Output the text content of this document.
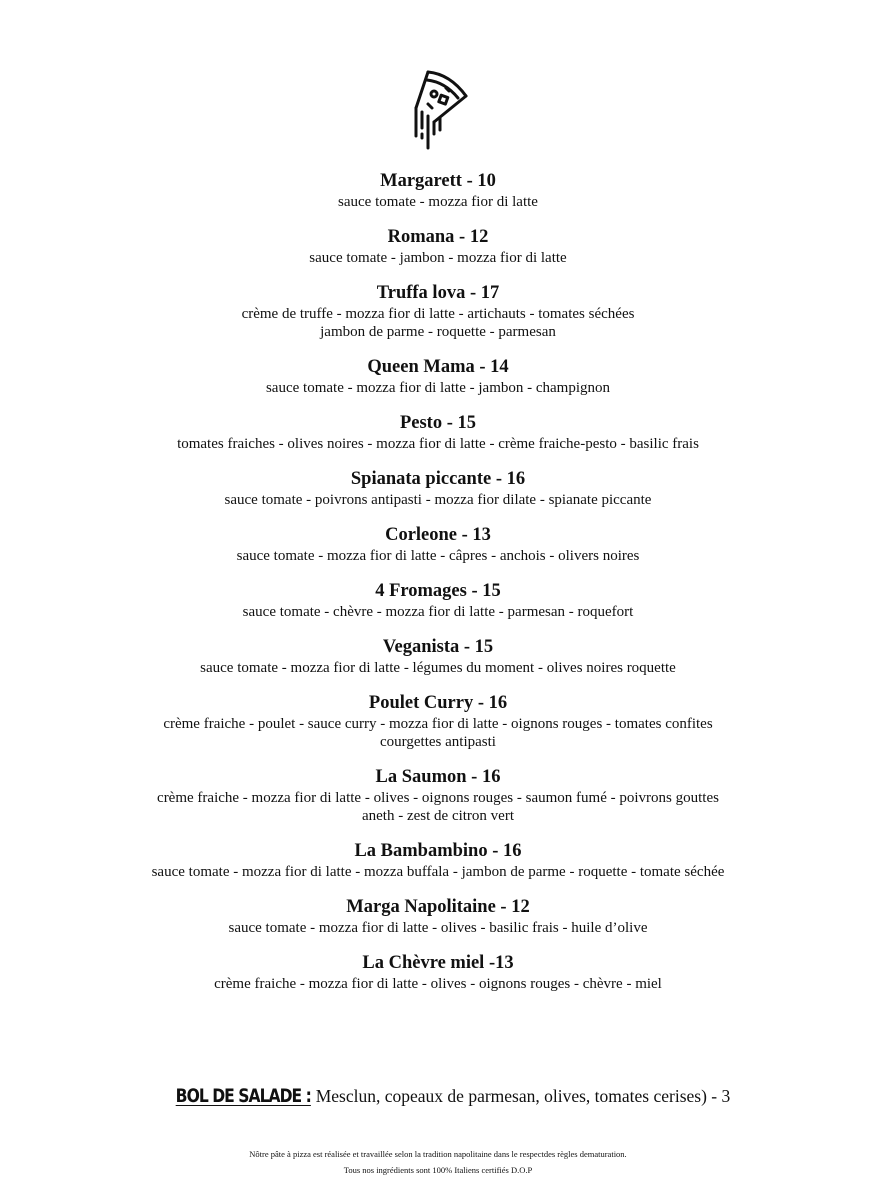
Margarett - 10
sauce tomate - mozza fior di latte
Romana - 12
sauce tomate - jambon - mozza fior di latte
Truffa lova - 17
crème de truffe - mozza fior di latte - artichauts - tomates séchées
jambon de parme - roquette - parmesan
Queen Mama - 14
sauce tomate - mozza fior di latte - jambon - champignon
Pesto - 15
tomates fraiches - olives noires - mozza fior di latte - crème fraiche-pesto - basilic frais
Spianata piccante - 16
sauce tomate - poivrons antipasti - mozza fior dilate - spianate piccante
Corleone - 13
sauce tomate - mozza fior di latte - câpres - anchois - olivers noires
4 Fromages - 15
sauce tomate - chèvre - mozza fior di latte - parmesan - roquefort
Veganista - 15
sauce tomate - mozza fior di latte - légumes du moment - olives noires roquette
Poulet Curry - 16
crème fraiche - poulet - sauce curry - mozza fior di latte - oignons rouges - tomates confites
courgettes antipasti
La Saumon - 16
crème fraiche - mozza fior di latte - olives - oignons rouges - saumon fumé - poivrons gouttes
aneth - zest de citron vert
La Bambambino - 16
sauce tomate - mozza fior di latte - mozza buffala - jambon de parme - roquette - tomate séchée
Marga Napolitaine - 12
sauce tomate - mozza fior di latte - olives - basilic frais - huile d’olive
La Chèvre miel -13
crème fraiche - mozza fior di latte - olives - oignons rouges - chèvre - miel
BOL DE SALADE : Mesclun, copeaux de parmesan, olives, tomates cerises) - 3
Nôtre pâte à pizza est réalisée et travaillée selon la tradition napolitaine dans le respectdes règles dematuration.
Tous nos ingrédients sont 100% Italiens certifiés D.O.P
